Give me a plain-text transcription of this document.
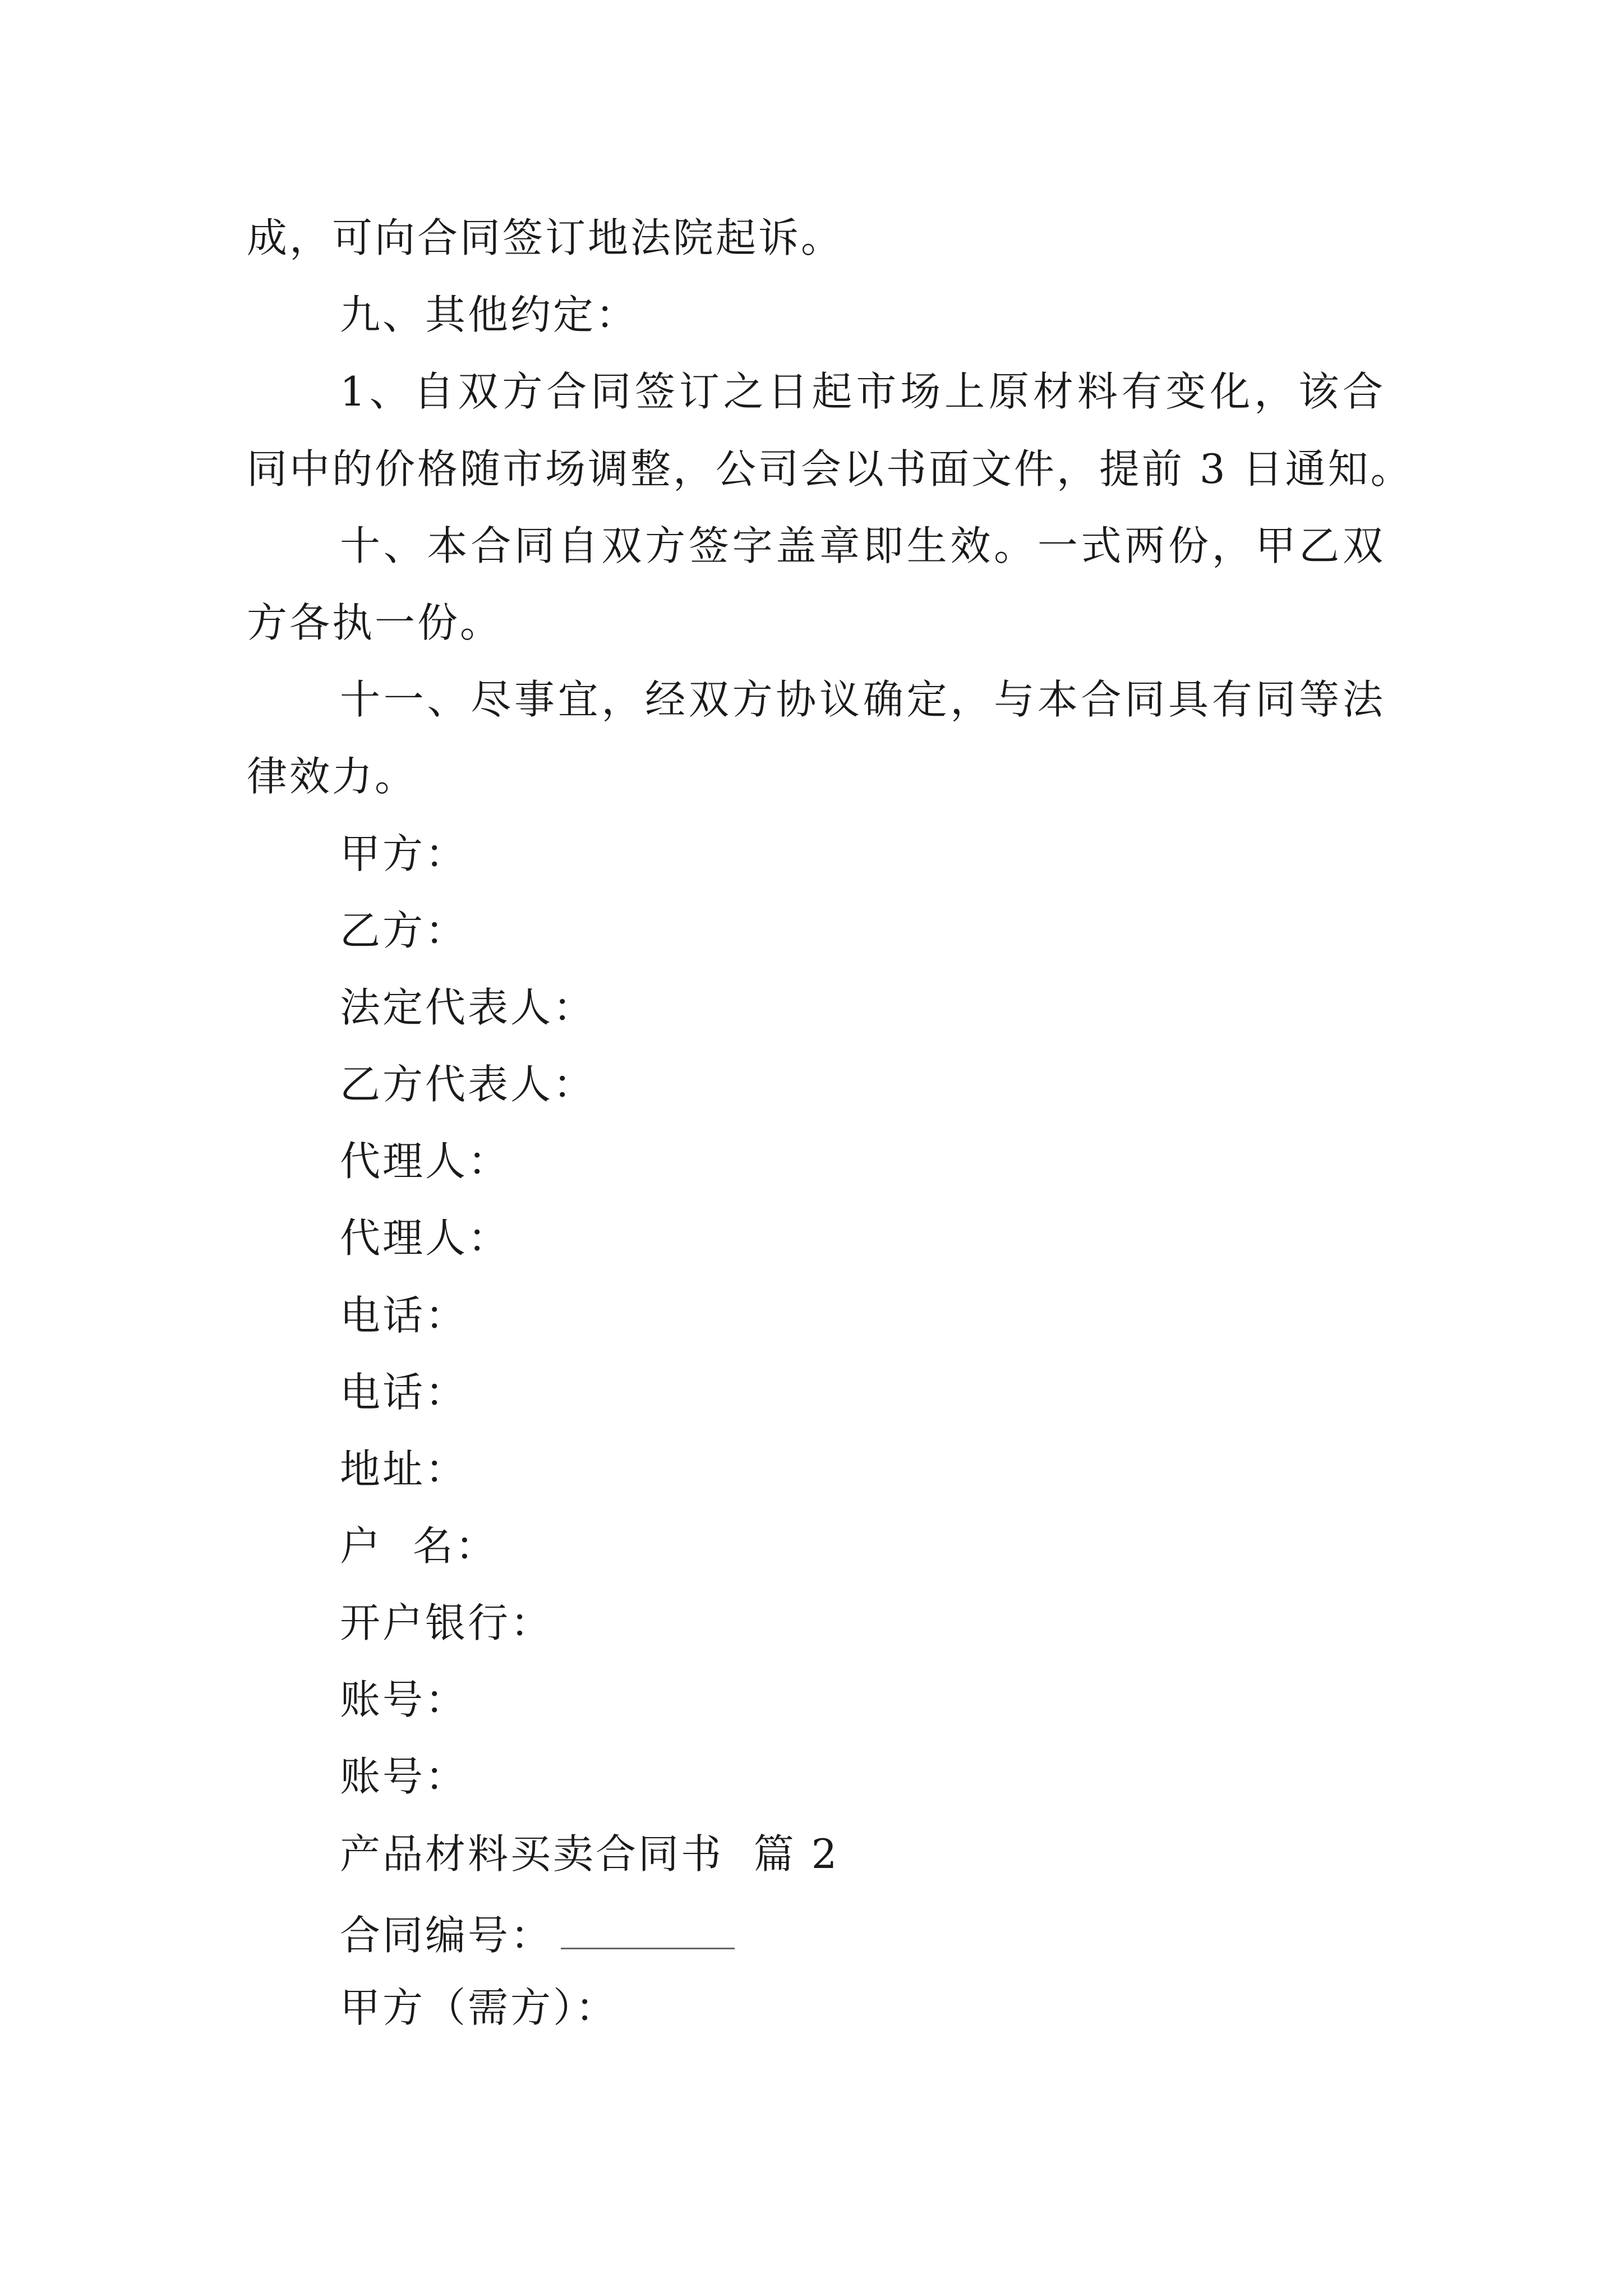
成，可向合同签订地法院起诉。
九、其他约定：
1、自双方合同签订之日起市场上原材料有变化，该合
同中的价格随市场调整，公司会以书面文件，提前 3 日通知。
十、本合同自双方签字盖章即生效。一式两份，甲乙双
方各执一份。
十一、尽事宜，经双方协议确定，与本合同具有同等法
律效力。
甲方：
乙方：
法定代表人：
乙方代表人：
代理人：
代理人：
电话：
电话：
地址：
户  名：
开户银行：
账号：
账号：
产品材料买卖合同书  篇 2
合同编号：
甲方（需方）：
